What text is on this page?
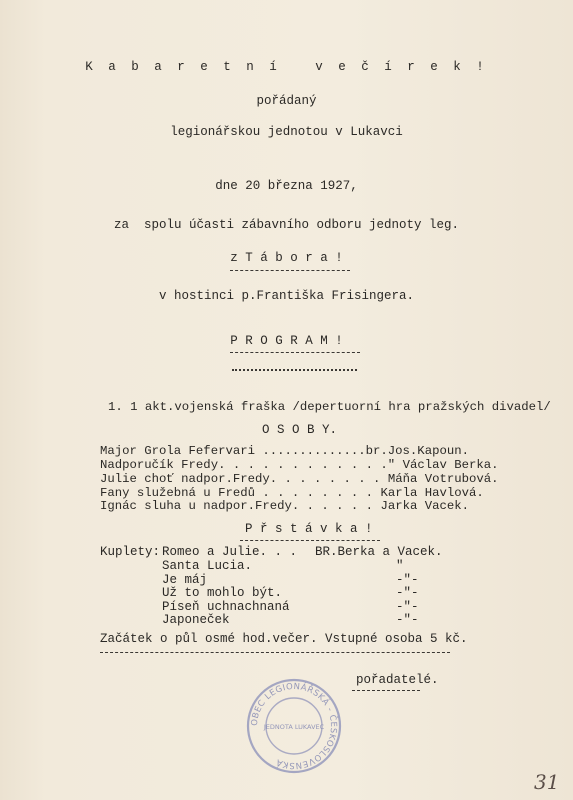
K a b a r e t n í   v e č í r e k !
pořádaný
legionářskou jednotou v Lukavci
dne 20 března 1927,
za  spolu účasti zábavního odboru jednoty leg.
z T á b o r a !
v hostinci p.Františka Frisingera.
P R O G R A M !
1. 1 akt.vojenská fraška /depertuorní hra pražských divadel/
O S O B Y.
Major Grola Fefervari ..............br.Jos.Kapoun.
Nadporučík Fredy. . . . . . . . . . . ." Václav Berka.
Julie choť nadpor.Fredy. . . . . . . . Máňa Votrubová.
Fany služebná u Fredů . . . . . . . . Karla Havlová.
Ignác sluha u nadpor.Fredy. . . . . . Jarka Vacek.
P ř s t á v k a !
Kuplety: Romeo a Julie. . . BR.Berka a Vacek.
Santa Lucia.	"
Je máj	-"-
Už to mohlo být.	-"-
Píseň uchnachnaná	-"-
Japoneček	-"-
Začátek o půl osmé hod.večer. Vstupné osoba 5 kč.
pořadatelé.
OBEC LEGIONÁŘSKÁ - ČESKOSLOVENSKÁ
JEDNOTA LUKAVEC
31
